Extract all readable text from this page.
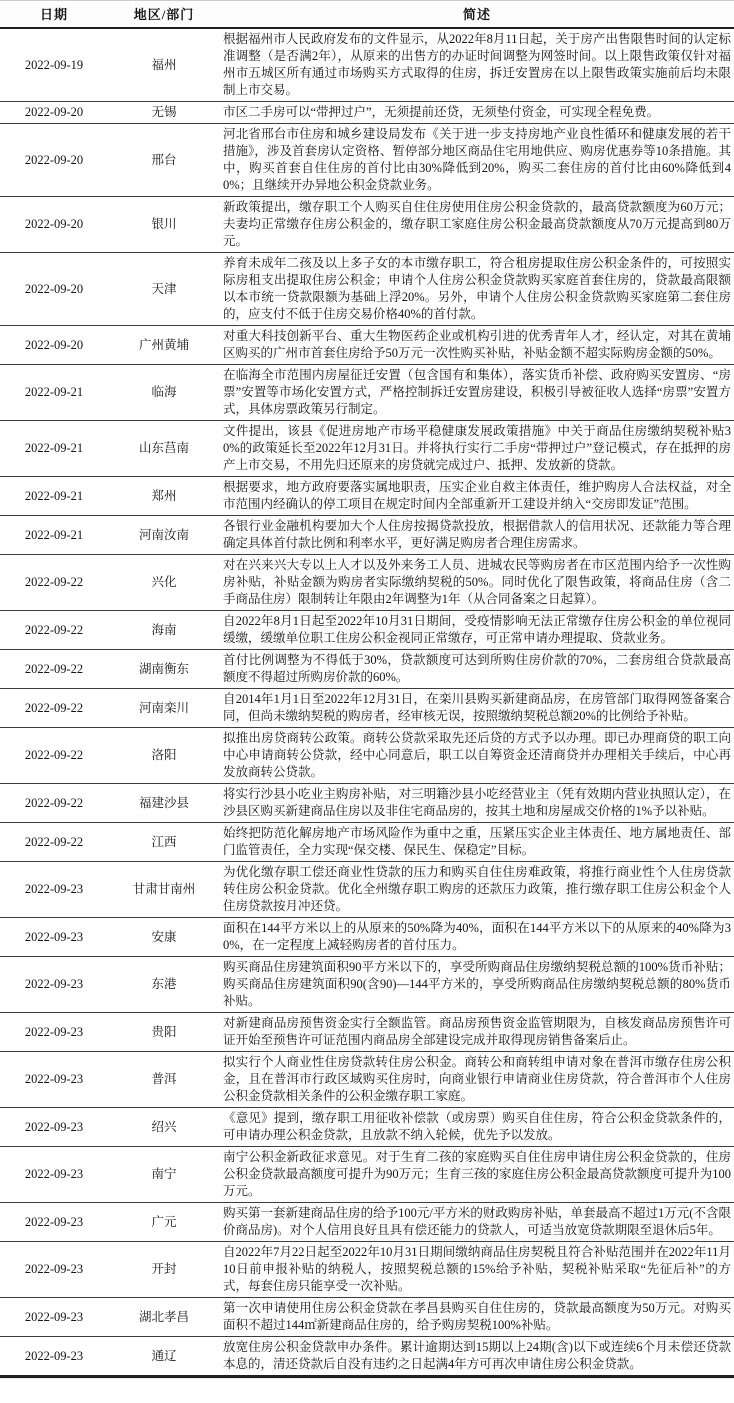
日期	地区/部门	简述
2022-09-19	福州	根据福州市人民政府发布的文件显示，从2022年8月11日起，关于房产出售限售时间的认定标准调整（是否满2年），从原来的出售方的办证时间调整为网签时间。以上限售政策仅针对福州市五城区所有通过市场购买方式取得的住房，拆迁安置房在以上限售政策实施前后均未限制上市交易。
2022-09-20	无锡	市区二手房可以“带押过户”，无须提前还贷，无须垫付资金，可实现全程免费。
2022-09-20	邢台	河北省邢台市住房和城乡建设局发布《关于进一步支持房地产业良性循环和健康发展的若干措施》，涉及首套房认定资格、暂停部分地区商品住宅用地供应、购房优惠券等10条措施。其中，购买首套自住住房的首付比由30%降低到20%，购买二套住房的首付比由60%降低到40%；且继续开办异地公积金贷款业务。
2022-09-20	银川	新政策提出，缴存职工个人购买自住住房使用住房公积金贷款的，最高贷款额度为60万元；夫妻均正常缴存住房公积金的，缴存职工家庭住房公积金最高贷款额度从70万元提高到80万元。
2022-09-20	天津	养育未成年二孩及以上多子女的本市缴存职工，符合租房提取住房公积金条件的，可按照实际房租支出提取住房公积金；申请个人住房公积金贷款购买家庭首套住房的，贷款最高限额以本市统一贷款限额为基础上浮20%。另外，申请个人住房公积金贷款购买家庭第二套住房的，应支付不低于住房交易价格40%的首付款。
2022-09-20	广州黄埔	对重大科技创新平台、重大生物医药企业或机构引进的优秀青年人才，经认定，对其在黄埔区购买的广州市首套住房给予50万元一次性购买补贴，补贴金额不超实际购房金额的50%。
2022-09-21	临海	在临海全市范围内房屋征迁安置（包含国有和集体），落实货币补偿、政府购买安置房、“房票”安置等市场化安置方式，严格控制拆迁安置房建设，积极引导被征收人选择“房票”安置方式，具体房票政策另行制定。
2022-09-21	山东莒南	文件提出，该县《促进房地产市场平稳健康发展政策措施》中关于商品住房缴纳契税补贴30%的政策延长至2022年12月31日。并将执行实行二手房“带押过户”登记模式，存在抵押的房产上市交易，不用先归还原来的房贷就完成过户、抵押、发放新的贷款。
2022-09-21	郑州	根据要求，地方政府要落实属地职责，压实企业自救主体责任，维护购房人合法权益，对全市范围内经确认的停工项目在规定时间内全部重新开工建设并纳入“交房即发证”范围。
2022-09-21	河南汝南	各银行业金融机构要加大个人住房按揭贷款投放，根据借款人的信用状况、还款能力等合理确定具体首付款比例和利率水平，更好满足购房者合理住房需求。
2022-09-22	兴化	对在兴来兴大专以上人才以及外来务工人员、进城农民等购房者在市区范围内给予一次性购房补贴，补贴金额为购房者实际缴纳契税的50%。同时优化了限售政策，将商品住房（含二手商品住房）限制转让年限由2年调整为1年（从合同备案之日起算）。
2022-09-22	海南	自2022年8月1日起至2022年10月31日期间，受疫情影响无法正常缴存住房公积金的单位视同缓缴，缓缴单位职工住房公积金视同正常缴存，可正常申请办理提取、贷款业务。
2022-09-22	湖南衡东	首付比例调整为不得低于30%，贷款额度可达到所购住房价款的70%，二套房组合贷款最高额度不得超过所购房价款的60%。
2022-09-22	河南栾川	自2014年1月1日至2022年12月31日，在栾川县购买新建商品房，在房管部门取得网签备案合同，但尚未缴纳契税的购房者，经审核无误，按照缴纳契税总额20%的比例给予补贴。
2022-09-22	洛阳	拟推出房贷商转公政策。商转公贷款采取先还后贷的方式予以办理。即已办理商贷的职工向中心申请商转公贷款，经中心同意后，职工以自筹资金还清商贷并办理相关手续后，中心再发放商转公贷款。
2022-09-22	福建沙县	将实行沙县小吃业主购房补贴，对三明籍沙县小吃经营业主（凭有效期内营业执照认定），在沙县区购买新建商品住房以及非住宅商品房的，按其土地和房屋成交价格的1%予以补贴。
2022-09-22	江西	始终把防范化解房地产市场风险作为重中之重，压紧压实企业主体责任、地方属地责任、部门监管责任，全力实现“保交楼、保民生、保稳定”目标。
2022-09-23	甘肃甘南州	为优化缴存职工偿还商业性贷款的压力和购买自住住房难政策，将推行商业性个人住房贷款转住房公积金贷款。优化全州缴存职工购房的还款压力政策，推行缴存职工住房公积金个人住房贷款按月冲还贷。
2022-09-23	安康	面积在144平方米以上的从原来的50%降为40%，面积在144平方米以下的从原来的40%降为30%，在一定程度上减轻购房者的首付压力。
2022-09-23	东港	购买商品住房建筑面积90平方米以下的，享受所购商品住房缴纳契税总额的100%货币补贴；购买商品住房建筑面积90(含90)—144平方米的，享受所购商品住房缴纳契税总额的80%货币补贴。
2022-09-23	贵阳	对新建商品房预售资金实行全额监管。商品房预售资金监管期限为，自核发商品房预售许可证开始至预售许可证范围内商品房全部建设完成并取得现房销售备案后止。
2022-09-23	普洱	拟实行个人商业性住房贷款转住房公积金。商转公和商转组申请对象在普洱市缴存住房公积金，且在普洱市行政区域购买住房时，向商业银行申请商业住房贷款，符合普洱市个人住房公积金贷款相关条件的公积金缴存职工家庭。
2022-09-23	绍兴	《意见》提到，缴存职工用征收补偿款（或房票）购买自住住房，符合公积金贷款条件的，可申请办理公积金贷款，且放款不纳入轮候，优先予以发放。
2022-09-23	南宁	南宁公积金新政征求意见。对于生育二孩的家庭购买自住住房申请住房公积金贷款的，住房公积金贷款最高额度可提升为90万元；生育三孩的家庭住房公积金最高贷款额度可提升为100万元。
2022-09-23	广元	购买第一套新建商品住房的给予100元/平方米的财政购房补贴，单套最高不超过1万元(不含限价商品房)。对个人信用良好且具有偿还能力的贷款人，可适当放宽贷款期限至退休后5年。
2022-09-23	开封	自2022年7月22日起至2022年10月31日期间缴纳商品住房契税且符合补贴范围并在2022年11月10日前申报补贴的纳税人，按照契税总额的15%给予补贴，契税补贴采取“先征后补”的方式，每套住房只能享受一次补贴。
2022-09-23	湖北孝昌	第一次申请使用住房公积金贷款在孝昌县购买自住住房的，贷款最高额度为50万元。对购买面积不超过144㎡新建商品住房的，给予购房契税100%补贴。
2022-09-23	通辽	放宽住房公积金贷款申办条件。累计逾期达到15期以上24期(含)以下或连续6个月未偿还贷款本息的，清还贷款后自没有违约之日起满4年方可再次申请住房公积金贷款。
